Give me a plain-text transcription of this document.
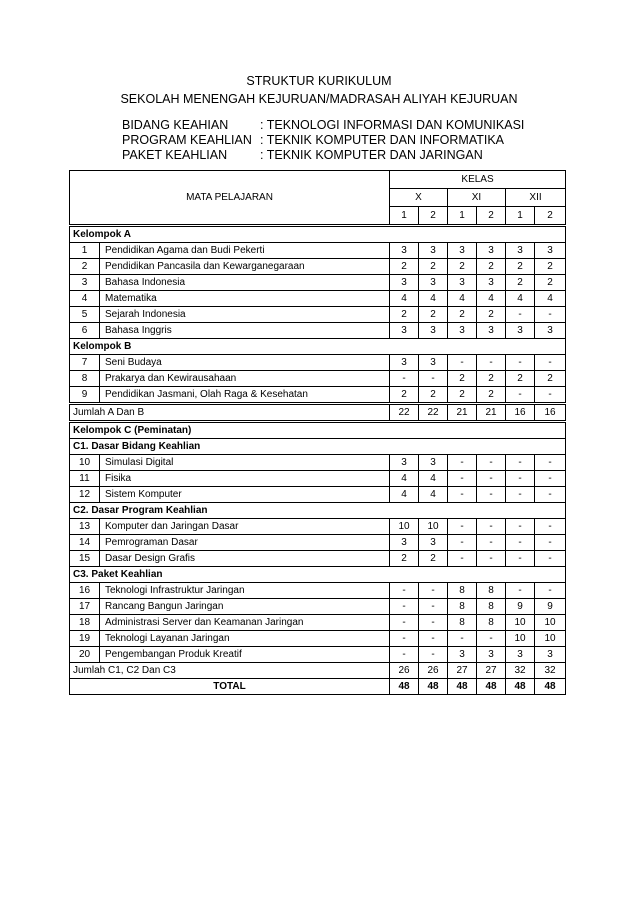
STRUKTUR KURIKULUM
SEKOLAH MENENGAH KEJURUAN/MADRASAH ALIYAH KEJURUAN
BIDANG KEAHIAN	: TEKNOLOGI INFORMASI DAN KOMUNIKASI
PROGRAM KEAHLIAN : TEKNIK KOMPUTER DAN INFORMATIKA
PAKET KEAHLIAN	: TEKNIK KOMPUTER DAN JARINGAN
MATA PELAJARAN		KELAS					
		X		XI		XII	
		1	2	1	2	1	2
Kelompok A							
1	Pendidikan Agama dan Budi Pekerti	3	3	3	3	3	3
2	Pendidikan Pancasila dan Kewarganegaraan	2	2	2	2	2	2
3	Bahasa Indonesia	3	3	3	3	2	2
4	Matematika	4	4	4	4	4	4
5	Sejarah Indonesia	2	2	2	2	-	-
6	Bahasa Inggris	3	3	3	3	3	3
Kelompok B							
7	Seni Budaya	3	3	-	-	-	-
8	Prakarya dan Kewirausahaan	-	-	2	2	2	2
9	Pendidikan Jasmani, Olah Raga & Kesehatan	2	2	2	2	-	-
Jumlah A Dan B		22	22	21	21	16	16
Kelompok C (Peminatan)							
C1. Dasar Bidang Keahlian							
10	Simulasi Digital	3	3	-	-	-	-
11	Fisika	4	4	-	-	-	-
12	Sistem Komputer	4	4	-	-	-	-
C2. Dasar Program Keahlian							
13	Komputer dan Jaringan Dasar	10	10	-	-	-	-
14	Pemrograman Dasar	3	3	-	-	-	-
15	Dasar Design Grafis	2	2	-	-	-	-
C3. Paket Keahlian							
16	Teknologi Infrastruktur Jaringan	-	-	8	8	-	-
17	Rancang Bangun Jaringan	-	-	8	8	9	9
18	Administrasi Server dan Keamanan Jaringan	-	-	8	8	10	10
19	Teknologi Layanan Jaringan	-	-	-	-	10	10
20	Pengembangan Produk Kreatif	-	-	3	3	3	3
Jumlah C1, C2 Dan C3		26	26	27	27	32	32
TOTAL		48	48	48	48	48	48
